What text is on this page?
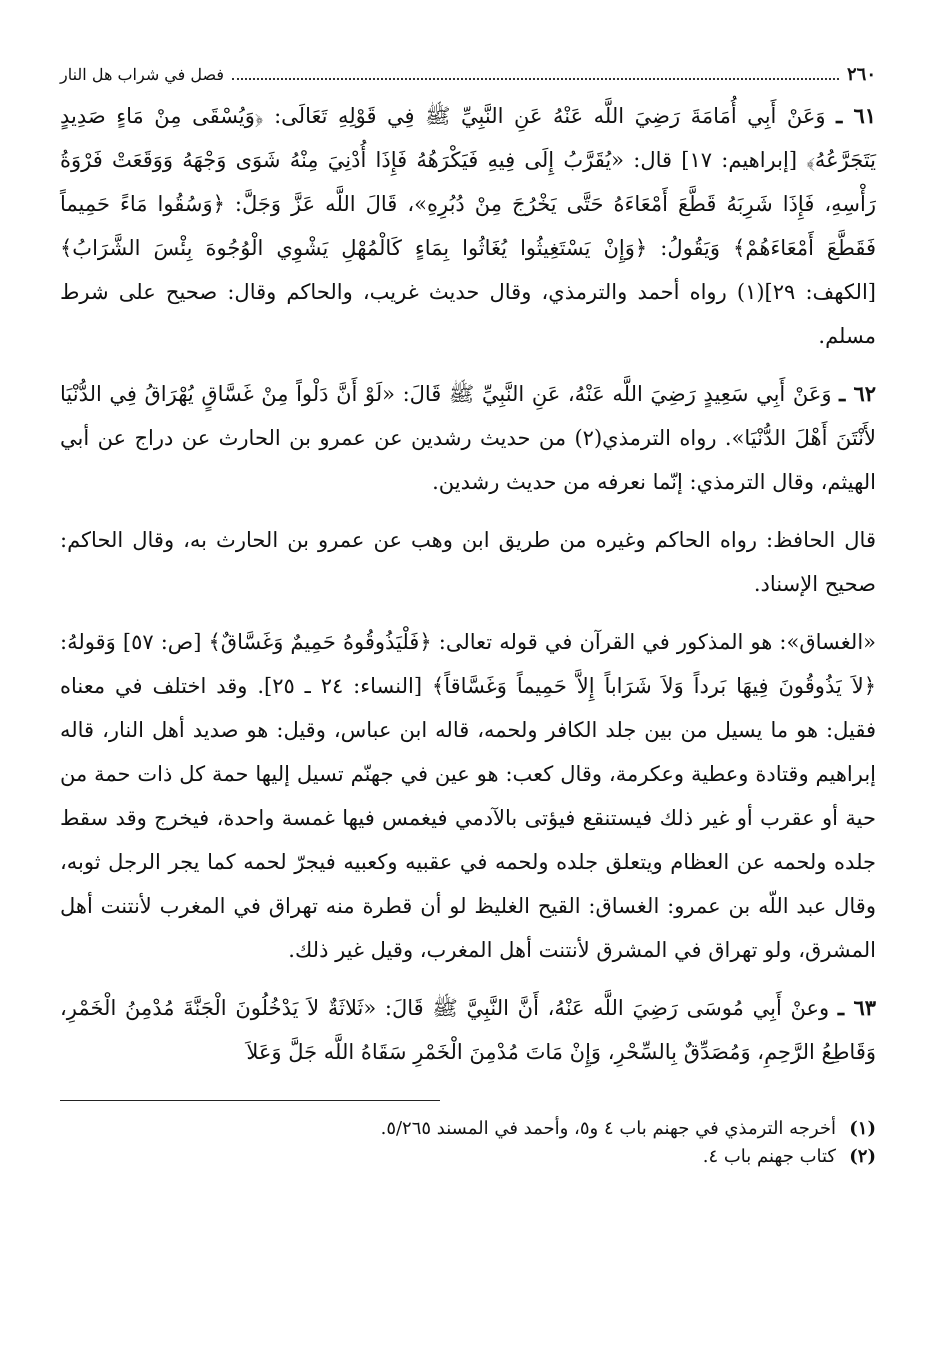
٢٦٠
فصل في شراب هل النار

٦١ ـ وَعَنْ أَبِي أُمَامَةَ رَضِيَ اللَّه عَنْهُ عَنِ النَّبِيِّ ﷺ فِي قَوْلِهِ تَعَالَى: ﴿وَيُسْقَى مِنْ مَاءٍ صَدِيدٍ يَتَجَرَّعُهُ﴾ [إبراهيم: ١٧] قال: «يُقَرَّبُ إِلَى فِيهِ فَيَكْرَهُهُ فَإِذَا أُدْنِيَ مِنْهُ شَوَى وَجْهَهُ وَوَقَعَتْ فَرْوَةُ رَأْسِهِ، فَإِذَا شَرِبَهُ قَطَّعَ أَمْعَاءَهُ حَتَّى يَخْرُجَ مِنْ دُبُرِهِ»، قَالَ اللَّه عَزَّ وَجَلَّ: ﴿وَسُقُوا مَاءً حَمِيماً فَقَطَّعَ أَمْعَاءَهُمْ﴾ وَيَقُولُ: ﴿وَإِنْ يَسْتَغِيثُوا يُغَاثُوا بِمَاءٍ كَالْمُهْلِ يَشْوِي الْوُجُوهَ بِئْسَ الشَّرَابُ﴾ [الكهف: ٢٩](١) رواه أحمد والترمذي، وقال حديث غريب، والحاكم وقال: صحيح على شرط مسلم.

٦٢ ـ وَعَنْ أَبِي سَعِيدٍ رَضِيَ اللَّه عَنْهُ، عَنِ النَّبِيِّ ﷺ قَالَ: «لَوْ أَنَّ دَلْواً مِنْ غَسَّاقٍ يُهْرَاقُ فِي الدُّنْيَا لأَنْتَنَ أَهْلَ الدُّنْيَا». رواه الترمذي(٢) من حديث رشدين عن عمرو بن الحارث عن دراج عن أبي الهيثم، وقال الترمذي: إنّما نعرفه من حديث رشدين.

قال الحافظ: رواه الحاكم وغيره من طريق ابن وهب عن عمرو بن الحارث به، وقال الحاكم: صحيح الإسناد.

«الغساق»: هو المذكور في القرآن في قوله تعالى: ﴿فَلْيَذُوقُوهُ حَمِيمٌ وَغَسَّاقٌ﴾ [ص: ٥٧] وَقولهُ: ﴿لاَ يَذُوقُونَ فِيهَا بَرداً وَلاَ شَرَاباً إِلاَّ حَمِيماً وَغَسَّاقاً﴾ [النساء: ٢٤ ـ ٢٥]. وقد اختلف في معناه فقيل: هو ما يسيل من بين جلد الكافر ولحمه، قاله ابن عباس، وقيل: هو صديد أهل النار، قاله إبراهيم وقتادة وعطية وعكرمة، وقال كعب: هو عين في جهنّم تسيل إليها حمة كل ذات حمة من حية أو عقرب أو غير ذلك فيستنقع فيؤتى بالآدمي فيغمس فيها غمسة واحدة، فيخرج وقد سقط جلده ولحمه عن العظام ويتعلق جلده ولحمه في عقبيه وكعبيه فيجرّ لحمه كما يجر الرجل ثوبه، وقال عبد اللّه بن عمرو: الغساق: القيح الغليظ لو أن قطرة منه تهراق في المغرب لأنتنت أهل المشرق، ولو تهراق في المشرق لأنتنت أهل المغرب، وقيل غير ذلك.

٦٣ ـ وعنْ أَبِي مُوسَى رَضِيَ اللَّه عَنْهُ، أَنَّ النَّبِيَّ ﷺ قَالَ: «ثَلاثَةٌ لاَ يَدْخُلُونَ الْجَنَّةَ مُدْمِنُ الْخَمْرِ، وَقَاطِعُ الرَّحِمِ، وَمُصَدِّقٌ بِالسِّحْرِ، وَإِنْ مَاتَ مُدْمِنَ الْخَمْرِ سَقَاهُ اللَّه جَلَّ وَعَلاَ

(١)
أخرجه الترمذي في جهنم باب ٤ و٥، وأحمد في المسند ٥/٢٦٥.
(٢)
كتاب جهنم باب ٤.
